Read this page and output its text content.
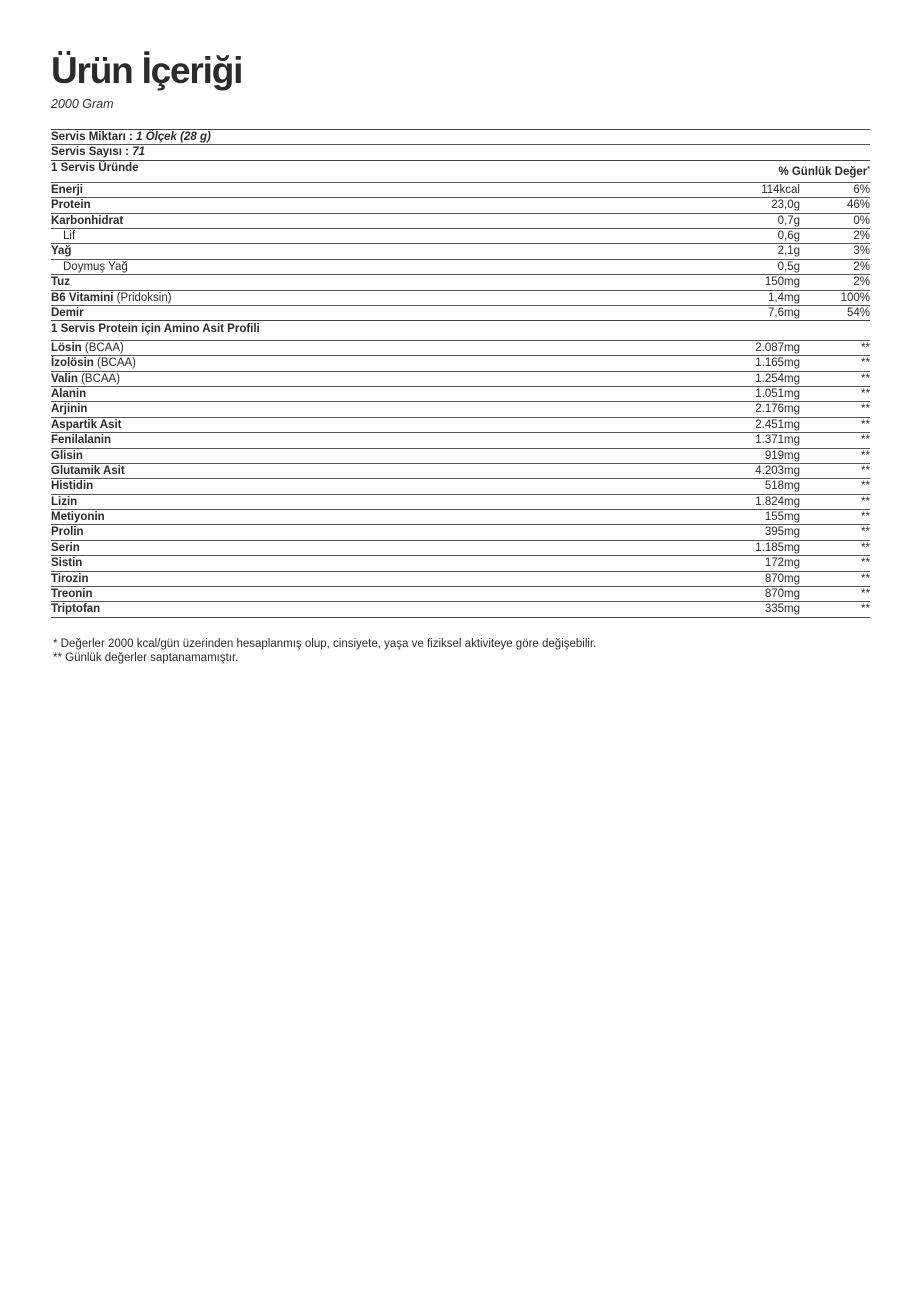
Ürün İçeriği
2000 Gram
Servis Miktarı : 1 Ölçek (28 g)
Servis Sayısı : 71
1 Servis Üründe	% Günlük Değer*
Enerji	114kcal	6%
Protein	23,0g	46%
Karbonhidrat	0,7g	0%
Lif	0,6g	2%
Yağ	2,1g	3%
Doymuş Yağ	0,5g	2%
Tuz	150mg	2%
B6 Vitamini (Pridoksin)	1,4mg	100%
Demir	7,6mg	54%
1 Servis Protein için Amino Asit Profili
Lösin (BCAA)	2.087mg	**
İzolösin (BCAA)	1.165mg	**
Valin (BCAA)	1.254mg	**
Alanin	1.051mg	**
Arjinin	2.176mg	**
Aspartik Asit	2.451mg	**
Fenilalanin	1.371mg	**
Glisin	919mg	**
Glutamik Asit	4.203mg	**
Histidin	518mg	**
Lizin	1.824mg	**
Metiyonin	155mg	**
Prolin	395mg	**
Serin	1.185mg	**
Sistin	172mg	**
Tirozin	870mg	**
Treonin	870mg	**
Triptofan	335mg	**
* Değerler 2000 kcal/gün üzerinden hesaplanmış olup, cinsiyete, yaşa ve fiziksel aktiviteye göre değişebilir.
** Günlük değerler saptanamamıştır.
